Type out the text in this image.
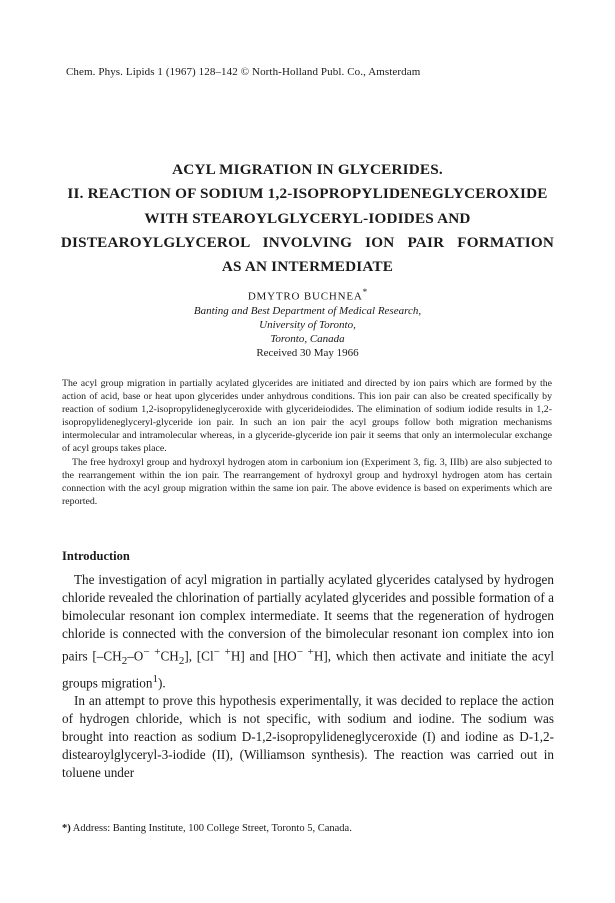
Chem. Phys. Lipids 1 (1967) 128–142 © North-Holland Publ. Co., Amsterdam
ACYL MIGRATION IN GLYCERIDES.
II. REACTION OF SODIUM 1,2-ISOPROPYLIDENEGLYCEROXIDE
WITH STEAROYLGLYCERYL-IODIDES AND
DISTEAROYLGLYCEROL INVOLVING ION PAIR FORMATION
AS AN INTERMEDIATE
DMYTRO BUCHNEA*
Banting and Best Department of Medical Research,
University of Toronto,
Toronto, Canada
Received 30 May 1966

The acyl group migration in partially acylated glycerides are initiated and directed by ion pairs which are formed by the action of acid, base or heat upon glycerides under anhydrous conditions. This ion pair can also be created specifically by reaction of sodium 1,2-isopropylideneglyceroxide with glycerideiodides. The elimination of sodium iodide results in 1,2-isopropylideneglyceryl-glyceride ion pair. In such an ion pair the acyl groups follow both migration mechanisms intermolecular and intramolecular whereas, in a glyceride-glyceride ion pair it seems that only an intermolecular exchange of acyl groups takes place.

The free hydroxyl group and hydroxyl hydrogen atom in carbonium ion (Experiment 3, fig. 3, IIIb) are also subjected to the rearrangement within the ion pair. The rearrangement of hydroxyl group and hydroxyl hydrogen atom has certain connection with the acyl group migration within the same ion pair. The above evidence is based on experiments which are reported.

Introduction

The investigation of acyl migration in partially acylated glycerides catalysed by hydrogen chloride revealed the chlorination of partially acylated glycerides and possible formation of a bimolecular resonant ion complex intermediate. It seems that the regeneration of hydrogen chloride is connected with the conversion of the bimolecular resonant ion complex into ion pairs [$-CH_2-O^-$ $^+CH_2$], [Cl− +H] and [HO− +H], which then activate and initiate the acyl groups migration$^1$).

In an attempt to prove this hypothesis experimentally, it was decided to replace the action of hydrogen chloride, which is not specific, with sodium and iodine. The sodium was brought into reaction as sodium D-1,2-isopropylideneglyceroxide (I) and iodine as D-1,2-distearoylglyceryl-3-iodide (II), (Williamson synthesis). The reaction was carried out in toluene under

*) Address: Banting Institute, 100 College Street, Toronto 5, Canada.
